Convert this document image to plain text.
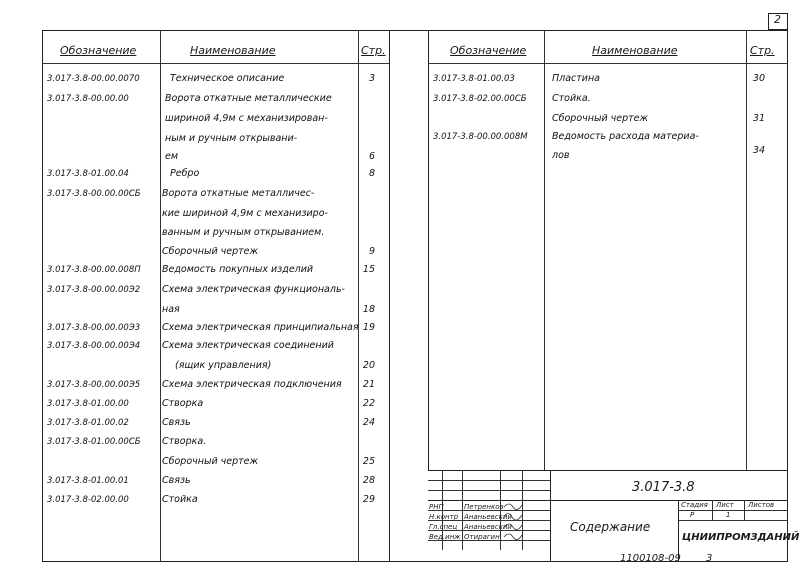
2
Обозначение	Наименование	Стр.	Обозначение	Наименование	Стр.
3.017-3.8-00.00.0070	Техническое описание	3
3.017-3.8-00.00.00	Ворота откатные металлические
шириной 4,9м с механизирован-
ным и ручным открывани-
ем	6
3.017-3.8-01.00.04	Ребро	8
3.017-3.8-00.00.00СБ Ворота откатные металличес-
кие шириной 4,9м с механизиро-
ванным и ручным открыванием.
Сборочный чертеж	9
3.017-3.8-00.00.008П Ведомость покупных изделий	15
3.017-3.8-00.00.00Э2 Схема электрическая функциональ-
ная	18
3.017-3.8-00.00.00Э3 Схема электрическая принципиальная 19
3.017-3.8-00.00.00Э4 Схема электрическая соединений
(ящик управления)	20
3.017-3.8-00.00.00Э5 Схема электрическая подключения	21
3.017-3.8-01.00.00	Створка	22
3.017-3.8-01.00.02	Связь	24
3.017-3.8-01.00.00СБ Створка.
Сборочный чертеж	25
3.017-3.8-01.00.01	Связь	28
3.017-3.8-02.00.00	Стойка	29
3.017-3.8-01.00.03	Пластина	30
3.017-3.8-02.00.00СБ	Стойка.
Сборочный чертеж	31
3.017-3.8-00.00.008М	Ведомость расхода материа-
лов	34
3.017-3.8
Содержание
Стадия Лист Листов
Р	1
ЦНИИПРОМЗДАНИЙ
РНП
Н.контр
Гл.спец
Вед.инж
Петренков
Ананьевский
Ананьевский
Отирагин
1100108-09	3
